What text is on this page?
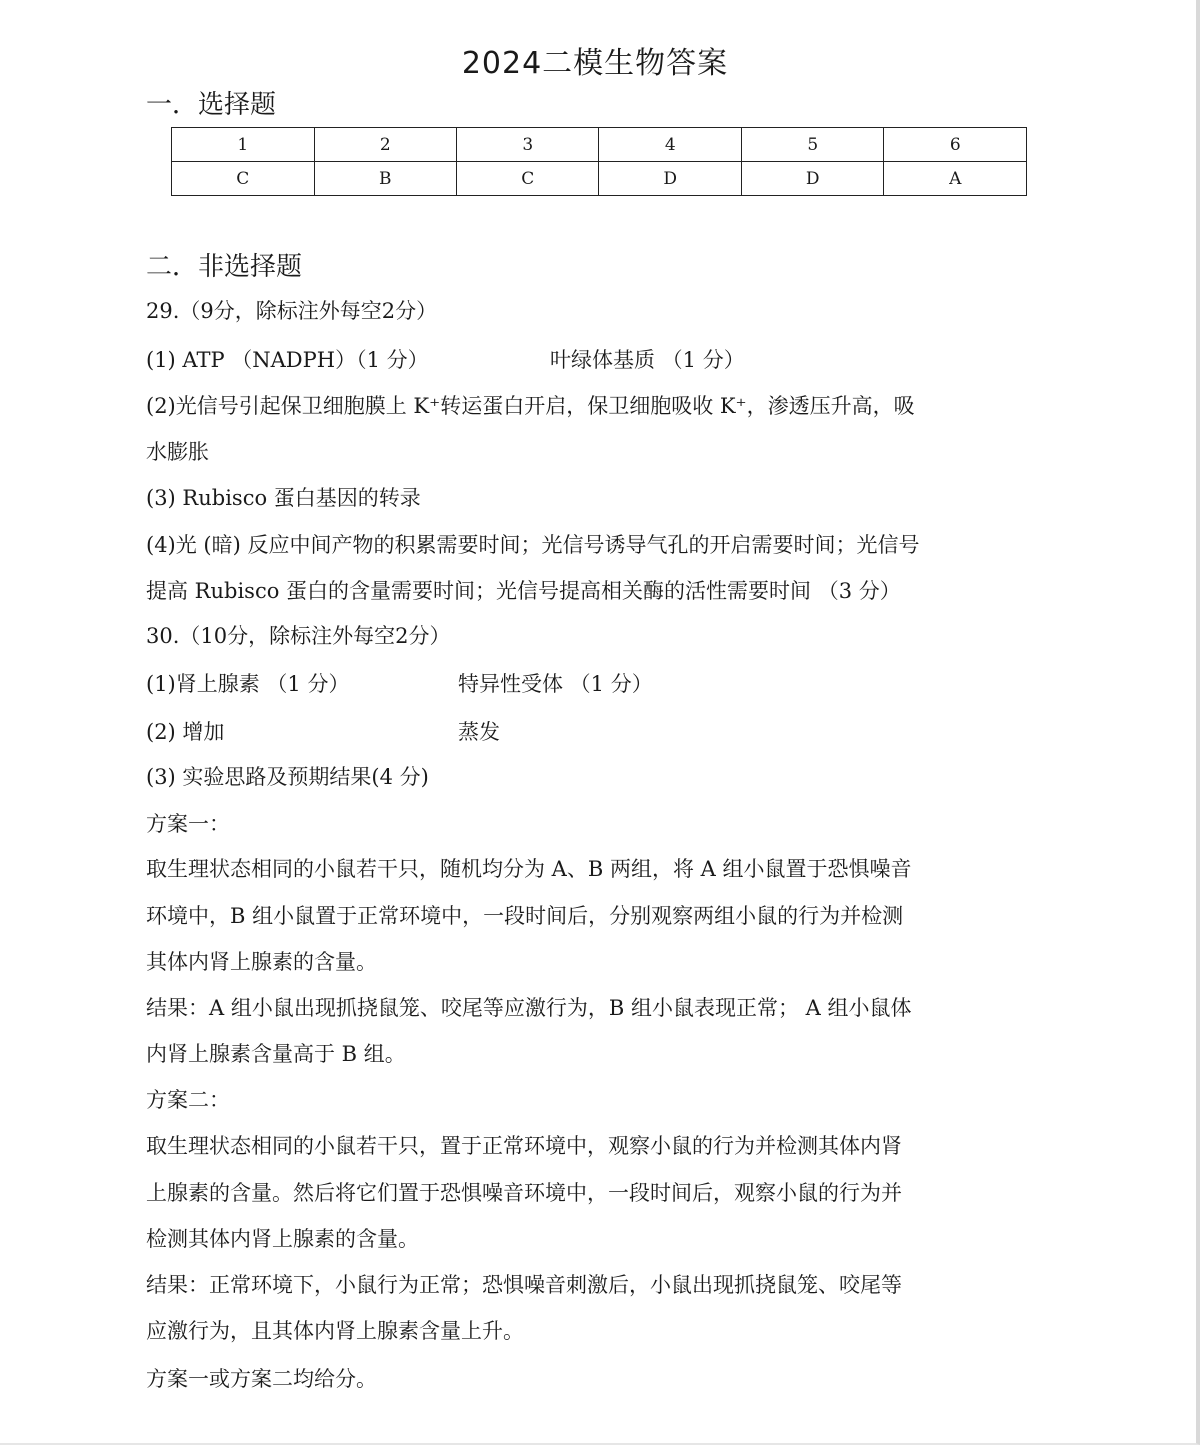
2024二模生物答案
一．选择题
1	2	3	4	5	6
C	B	C	D	D	A
二．非选择题
29.（9分，除标注外每空2分）
(1) ATP （NADPH）（1 分）	叶绿体基质 （1 分）
(2)光信号引起保卫细胞膜上 K⁺转运蛋白开启，保卫细胞吸收 K⁺，渗透压升高，吸
水膨胀
(3) Rubisco 蛋白基因的转录
(4)光 (暗) 反应中间产物的积累需要时间；光信号诱导气孔的开启需要时间；光信号
提高 Rubisco 蛋白的含量需要时间；光信号提高相关酶的活性需要时间 （3 分）
30.（10分，除标注外每空2分）
(1)肾上腺素 （1 分）	特异性受体 （1 分）
(2) 增加	蒸发
(3) 实验思路及预期结果(4 分)
方案一：
取生理状态相同的小鼠若干只，随机均分为 A、B 两组，将 A 组小鼠置于恐惧噪音
环境中，B 组小鼠置于正常环境中，一段时间后，分别观察两组小鼠的行为并检测
其体内肾上腺素的含量。
结果：A 组小鼠出现抓挠鼠笼、咬尾等应激行为，B 组小鼠表现正常； A 组小鼠体
内肾上腺素含量高于 B 组。
方案二：
取生理状态相同的小鼠若干只，置于正常环境中，观察小鼠的行为并检测其体内肾
上腺素的含量。然后将它们置于恐惧噪音环境中，一段时间后，观察小鼠的行为并
检测其体内肾上腺素的含量。
结果：正常环境下，小鼠行为正常；恐惧噪音刺激后，小鼠出现抓挠鼠笼、咬尾等
应激行为，且其体内肾上腺素含量上升。
方案一或方案二均给分。
